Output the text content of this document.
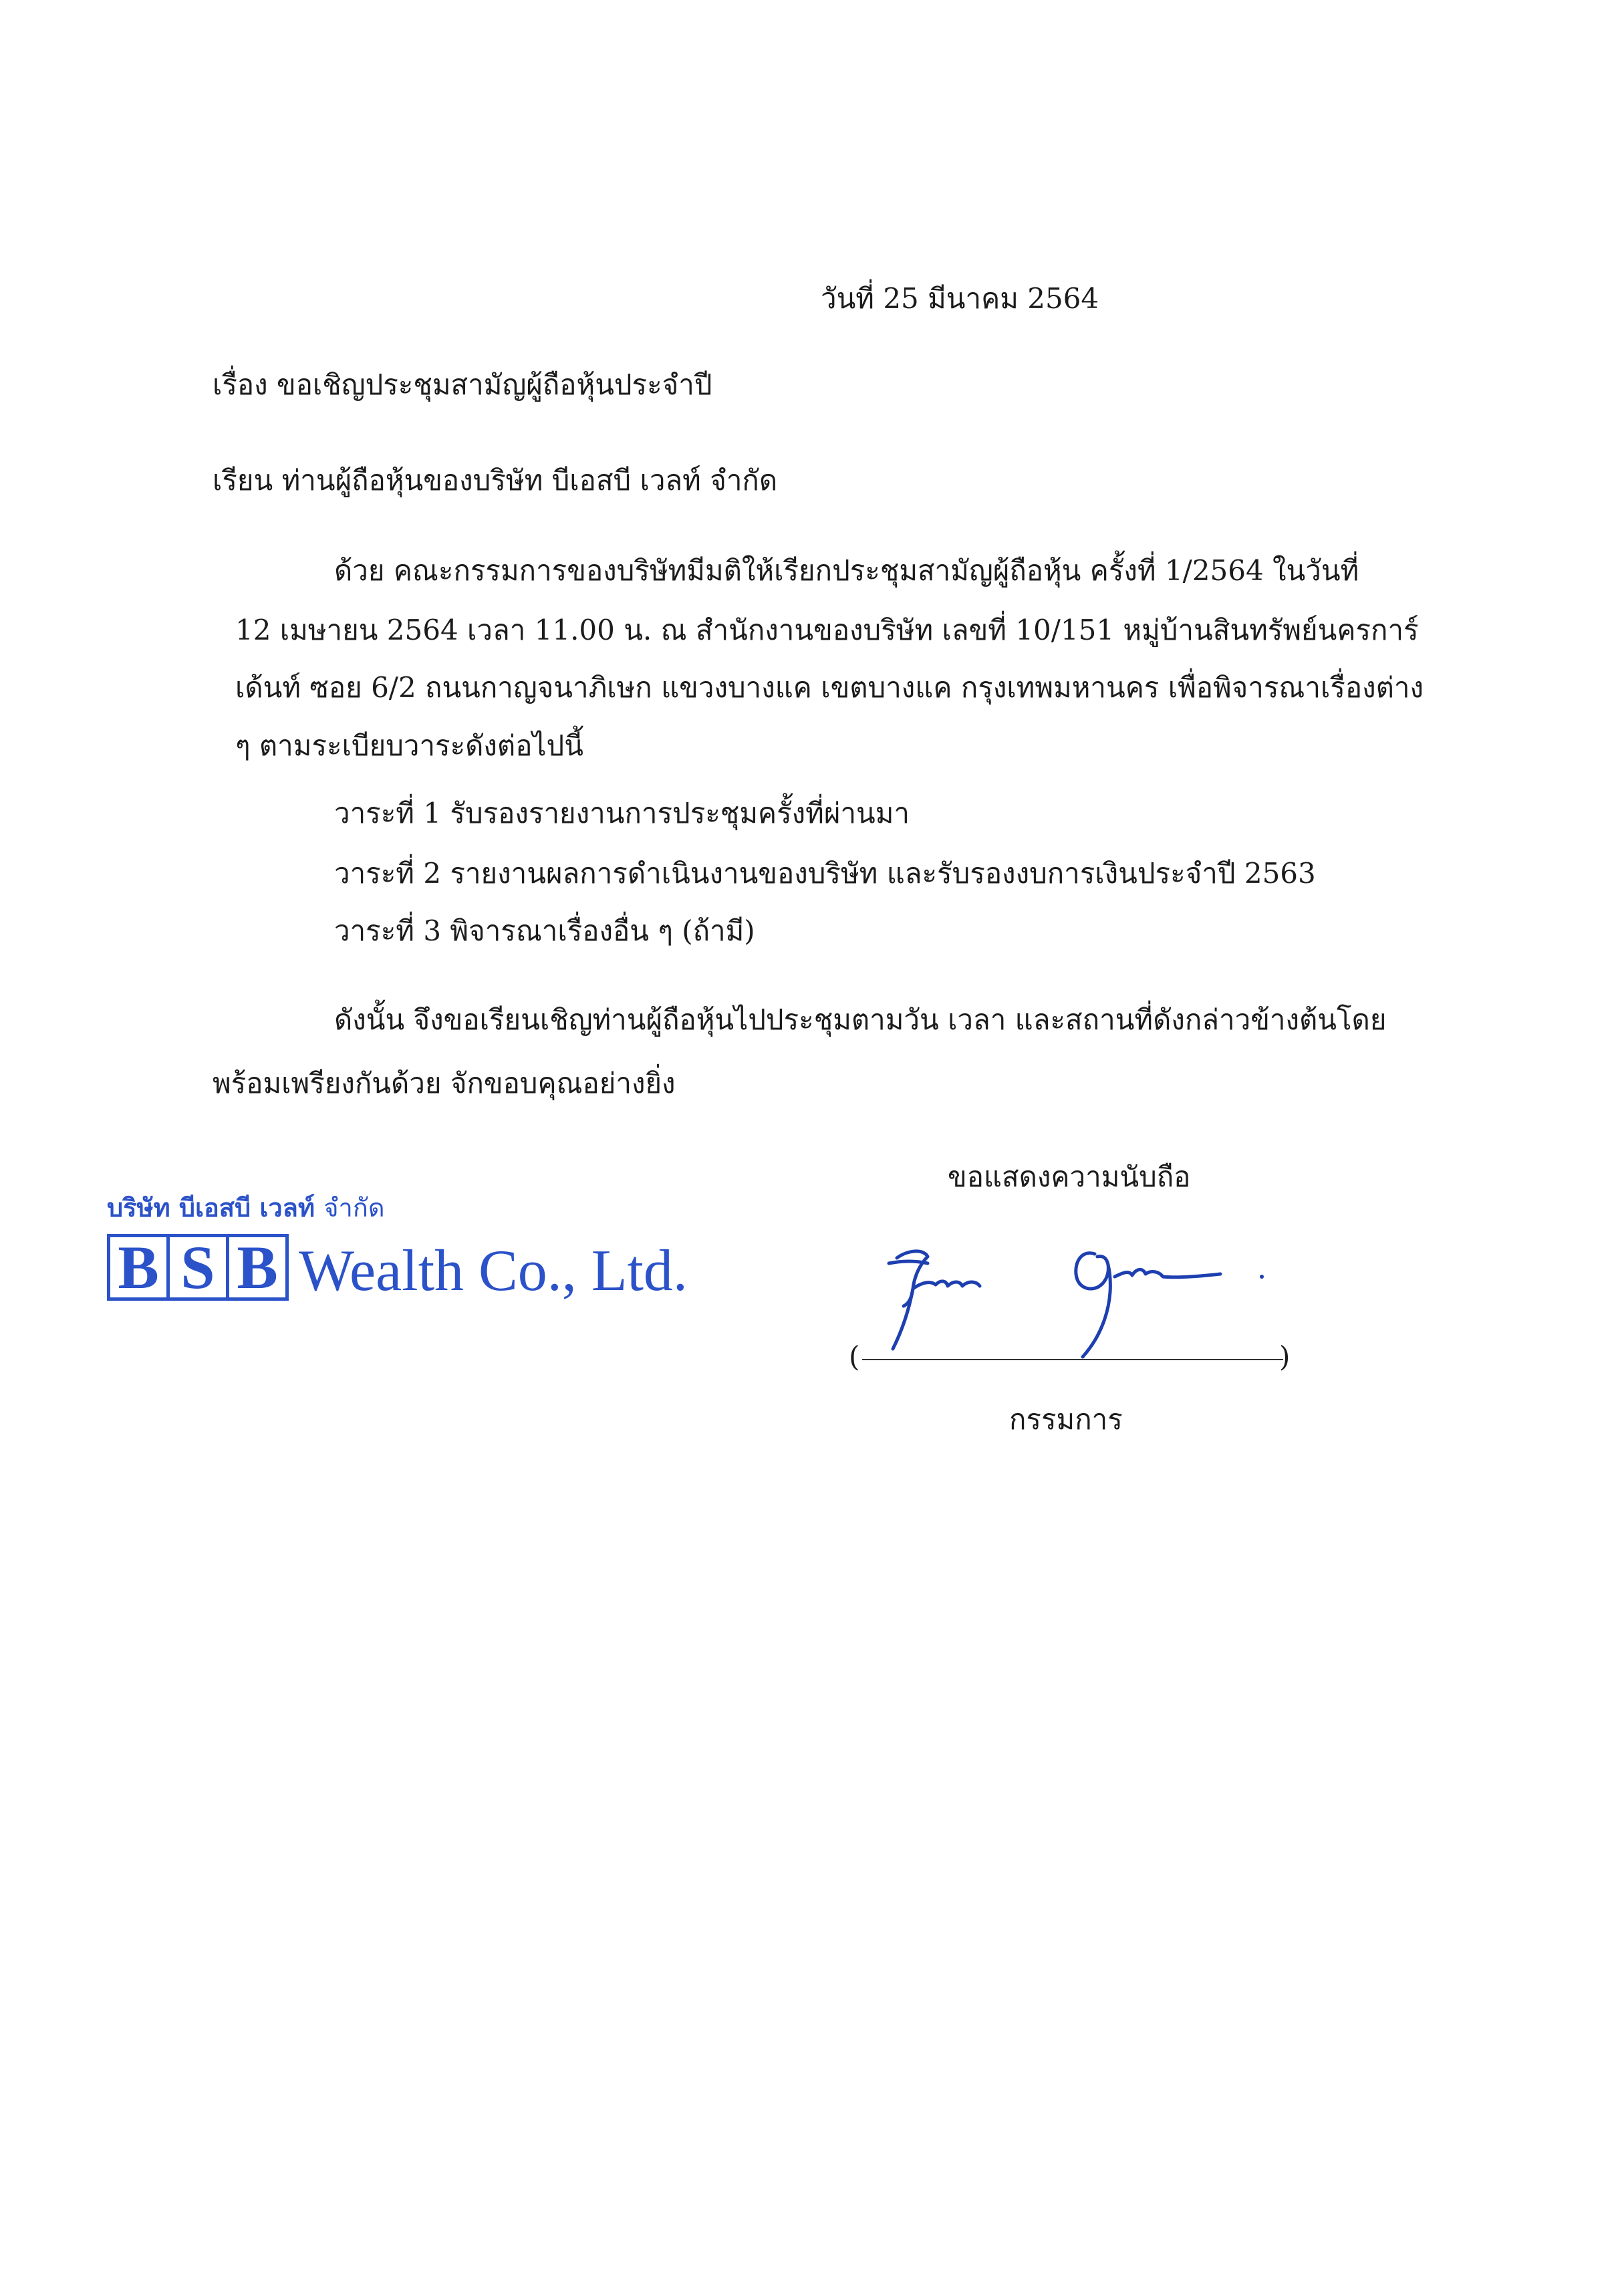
วันที่ 25 มีนาคม 2564
เรื่อง ขอเชิญประชุมสามัญผู้ถือหุ้นประจำปี
เรียน ท่านผู้ถือหุ้นของบริษัท บีเอสบี เวลท์ จำกัด
ด้วย คณะกรรมการของบริษัทมีมติให้เรียกประชุมสามัญผู้ถือหุ้น ครั้งที่ 1/2564 ในวันที่
12 เมษายน 2564 เวลา 11.00 น. ณ สำนักงานของบริษัท เลขที่ 10/151 หมู่บ้านสินทรัพย์นครการ์
เด้นท์ ซอย 6/2 ถนนกาญจนาภิเษก แขวงบางแค เขตบางแค กรุงเทพมหานคร เพื่อพิจารณาเรื่องต่าง
ๆ ตามระเบียบวาระดังต่อไปนี้
วาระที่ 1 รับรองรายงานการประชุมครั้งที่ผ่านมา
วาระที่ 2 รายงานผลการดำเนินงานของบริษัท และรับรองงบการเงินประจำปี 2563
วาระที่ 3 พิจารณาเรื่องอื่น ๆ (ถ้ามี)
ดังนั้น จึงขอเรียนเชิญท่านผู้ถือหุ้นไปประชุมตามวัน เวลา และสถานที่ดังกล่าวข้างต้นโดย
พร้อมเพรียงกันด้วย จักขอบคุณอย่างยิ่ง
ขอแสดงความนับถือ
บริษัท บีเอสบี เวลท์ จำกัด
B S B Wealth Co., Ltd.
(	)
กรรมการ
